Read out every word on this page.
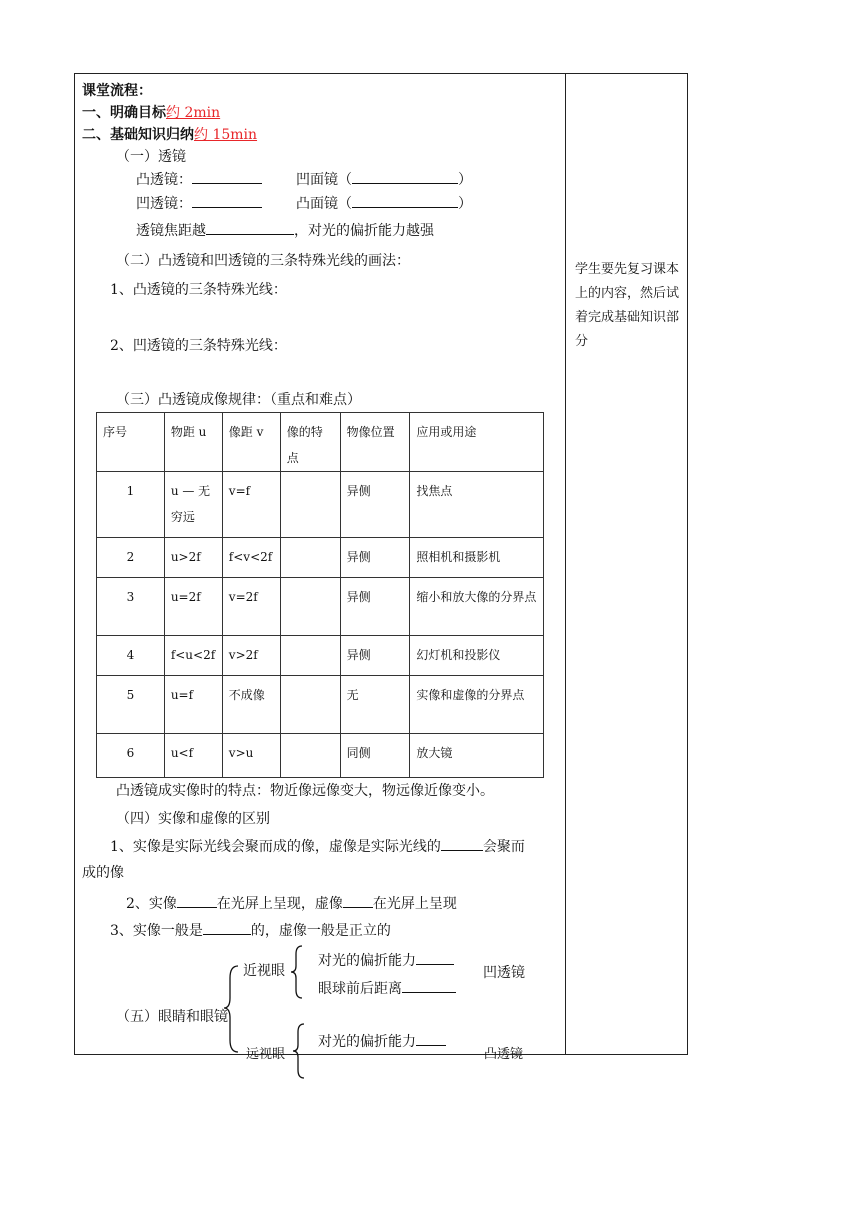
课堂流程：
一、明确目标约 2min
二、基础知识归纳约 15min
（一）透镜
凸透镜：	凹面镜（	）
凹透镜：	凸面镜（	）
透镜焦距越	，对光的偏折能力越强
（二）凸透镜和凹透镜的三条特殊光线的画法：
1、凸透镜的三条特殊光线：
2、凹透镜的三条特殊光线：
（三）凸透镜成像规律：（重点和难点）
序号	物距 u	像距 v	像的特点	物像位置	应用或用途
1	u — 无穷远	v=f		异侧	找焦点
2	u>2f	f<v<2f		异侧	照相机和摄影机
3	u=2f	v=2f		异侧	缩小和放大像的分界点
4	f<u<2f	v>2f		异侧	幻灯机和投影仪
5	u=f	不成像		无	实像和虚像的分界点
6	u<f	v>u		同侧	放大镜
凸透镜成实像时的特点：物近像远像变大，物远像近像变小。
（四）实像和虚像的区别
1、实像是实际光线会聚而成的像，虚像是实际光线的	会聚而
成的像
2、实像	在光屏上呈现，虚像 在光屏上呈现
3、实像一般是	的，虚像一般是正立的
（五）眼睛和眼镜
近视眼
对光的偏折能力
眼球前后距离
凹透镜
远视眼
对光的偏折能力
凸透镜
学生要先复习课本上的内容，然后试着完成基础知识部分
